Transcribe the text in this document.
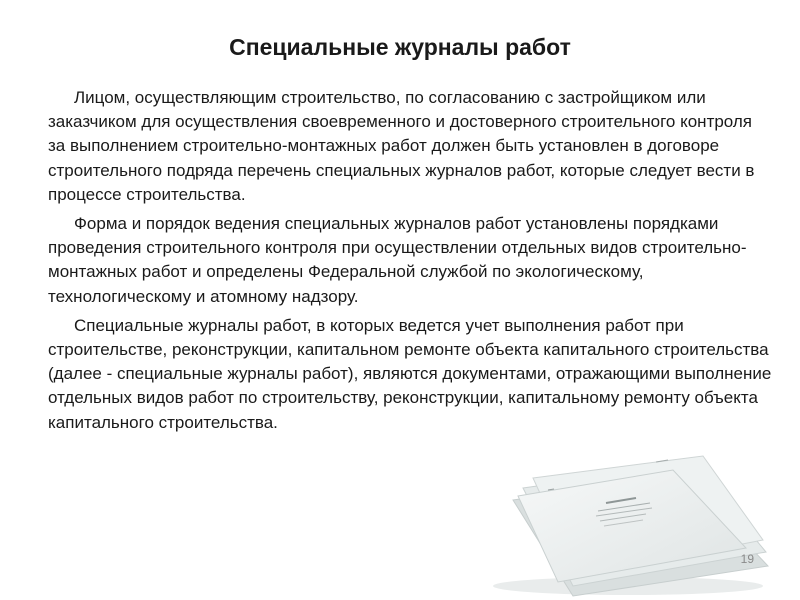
Специальные журналы работ

Лицом, осуществляющим строительство, по согласованию с застройщиком или заказчиком для осуществления своевременного и достоверного строительного контроля за выполнением строительно-монтажных работ должен быть установлен в договоре строительного подряда перечень специальных журналов работ, которые следует вести в процессе строительства.

Форма и порядок ведения специальных журналов работ установлены порядками проведения строительного контроля при осуществлении отдельных видов строительно-монтажных работ и определены Федеральной службой по экологическому, технологическому и атомному надзору.

Специальные журналы работ, в которых ведется учет выполнения работ при строительстве, реконструкции, капитальном ремонте объекта капитального строительства (далее - специальные журналы работ), являются документами, отражающими выполнение отдельных видов работ по строительству, реконструкции, капитальному ремонту объекта капитального строительства.

19
